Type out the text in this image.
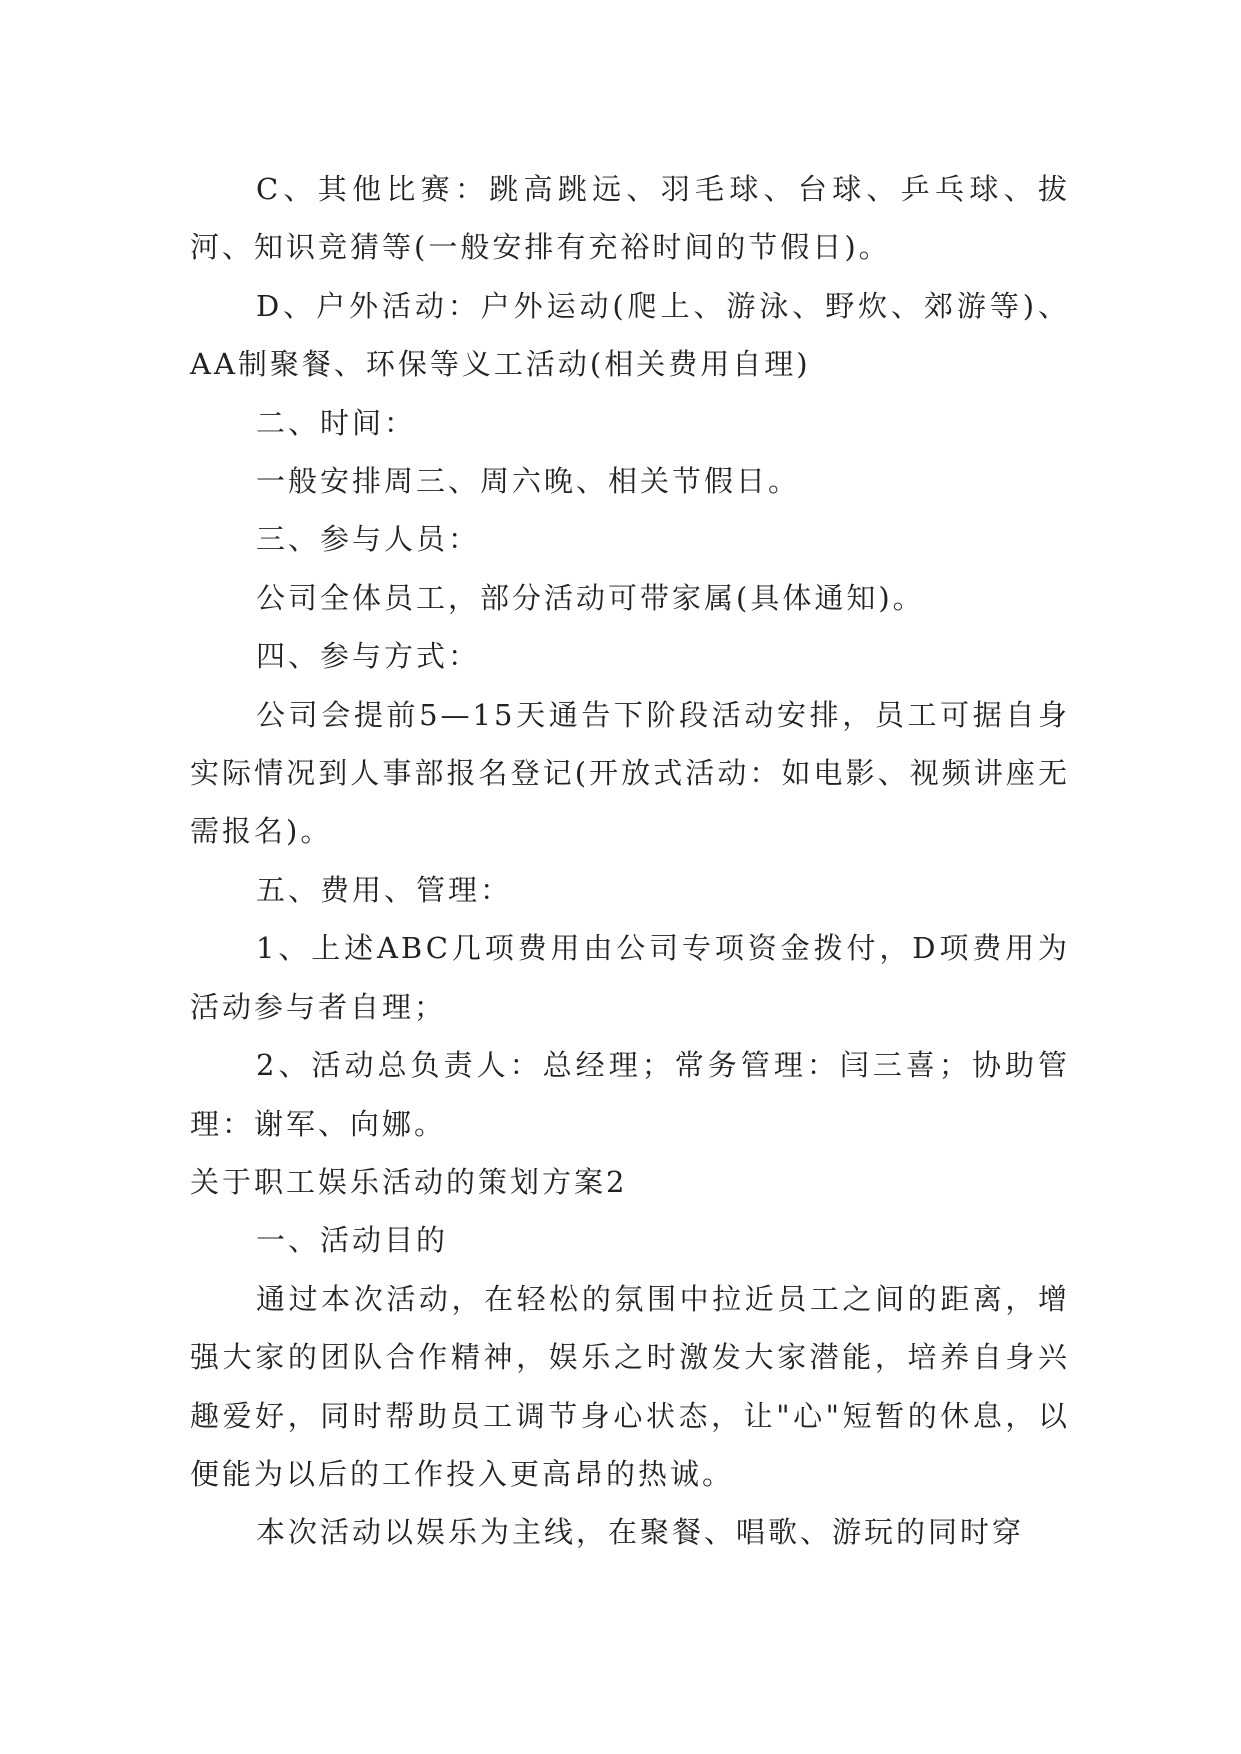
C、其他比赛：跳高跳远、羽毛球、台球、乒乓球、拔河、知识竞猜等(一般安排有充裕时间的节假日)。

D、户外活动：户外运动(爬上、游泳、野炊、郊游等)、AA制聚餐、环保等义工活动(相关费用自理)

二、时间：

一般安排周三、周六晚、相关节假日。

三、参与人员：

公司全体员工，部分活动可带家属(具体通知)。

四、参与方式：

公司会提前5—15天通告下阶段活动安排，员工可据自身实际情况到人事部报名登记(开放式活动：如电影、视频讲座无需报名)。

五、费用、管理：

1、上述ABC几项费用由公司专项资金拨付，D项费用为活动参与者自理；

2、活动总负责人：总经理；常务管理：闫三喜；协助管理：谢军、向娜。

关于职工娱乐活动的策划方案2

一、活动目的

通过本次活动，在轻松的氛围中拉近员工之间的距离，增强大家的团队合作精神，娱乐之时激发大家潜能，培养自身兴趣爱好，同时帮助员工调节身心状态，让"心"短暂的休息，以便能为以后的工作投入更高昂的热诚。

本次活动以娱乐为主线，在聚餐、唱歌、游玩的同时穿
